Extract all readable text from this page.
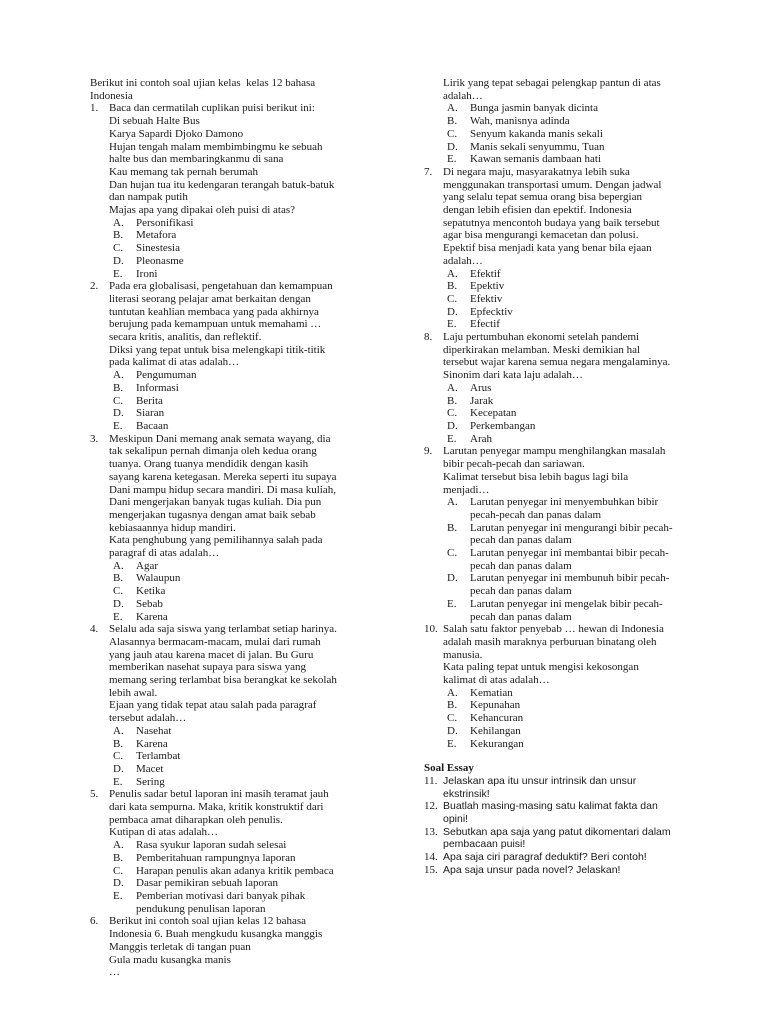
Berikut ini contoh soal ujian kelas  kelas 12 bahasa
Indonesia
1. Baca dan cermatilah cuplikan puisi berikut ini:
Di sebuah Halte Bus
Karya Sapardi Djoko Damono
Hujan tengah malam membimbingmu ke sebuah
halte bus dan membaringkanmu di sana
Kau memang tak pernah berumah
Dan hujan tua itu kedengaran terangah batuk-batuk
dan nampak putih
Majas apa yang dipakai oleh puisi di atas?
A. Personifikasi
B. Metafora
C. Sinestesia
D. Pleonasme
E. Ironi
2. Pada era globalisasi, pengetahuan dan kemampuan
literasi seorang pelajar amat berkaitan dengan
tuntutan keahlian membaca yang pada akhirnya
berujung pada kemampuan untuk memahami …
secara kritis, analitis, dan reflektif.
Diksi yang tepat untuk bisa melengkapi titik-titik
pada kalimat di atas adalah…
A. Pengumuman
B. Informasi
C. Berita
D. Siaran
E. Bacaan
3. Meskipun Dani memang anak semata wayang, dia
tak sekalipun pernah dimanja oleh kedua orang
tuanya. Orang tuanya mendidik dengan kasih
sayang karena ketegasan. Mereka seperti itu supaya
Dani mampu hidup secara mandiri. Di masa kuliah,
Dani mengerjakan banyak tugas kuliah. Dia pun
mengerjakan tugasnya dengan amat baik sebab
kebiasaannya hidup mandiri.
Kata penghubung yang pemilihannya salah pada
paragraf di atas adalah…
A. Agar
B. Walaupun
C. Ketika
D. Sebab
E. Karena
4. Selalu ada saja siswa yang terlambat setiap harinya.
Alasannya bermacam-macam, mulai dari rumah
yang jauh atau karena macet di jalan. Bu Guru
memberikan nasehat supaya para siswa yang
memang sering terlambat bisa berangkat ke sekolah
lebih awal.
Ejaan yang tidak tepat atau salah pada paragraf
tersebut adalah…
A. Nasehat
B. Karena
C. Terlambat
D. Macet
E. Sering
5. Penulis sadar betul laporan ini masih teramat jauh
dari kata sempurna. Maka, kritik konstruktif dari
pembaca amat diharapkan oleh penulis.
Kutipan di atas adalah…
A. Rasa syukur laporan sudah selesai
B. Pemberitahuan rampungnya laporan
C. Harapan penulis akan adanya kritik pembaca
D. Dasar pemikiran sebuah laporan
E. Pemberian motivasi dari banyak pihak
pendukung penulisan laporan
6. Berikut ini contoh soal ujian kelas 12 bahasa
Indonesia 6. Buah mengkudu kusangka manggis
Manggis terletak di tangan puan
Gula madu kusangka manis
…
Lirik yang tepat sebagai pelengkap pantun di atas
adalah…
A. Bunga jasmin banyak dicinta
B. Wah, manisnya adinda
C. Senyum kakanda manis sekali
D. Manis sekali senyummu, Tuan
E. Kawan semanis dambaan hati
7. Di negara maju, masyarakatnya lebih suka
menggunakan transportasi umum. Dengan jadwal
yang selalu tepat semua orang bisa bepergian
dengan lebih efisien dan epektif. Indonesia
sepatutnya mencontoh budaya yang baik tersebut
agar bisa mengurangi kemacetan dan polusi.
Epektif bisa menjadi kata yang benar bila ejaan
adalah…
A. Efektif
B. Epektiv
C. Efektiv
D. Epfecktiv
E. Efectif
8. Laju pertumbuhan ekonomi setelah pandemi
diperkirakan melamban. Meski demikian hal
tersebut wajar karena semua negara mengalaminya.
Sinonim dari kata laju adalah…
A. Arus
B. Jarak
C. Kecepatan
D. Perkembangan
E. Arah
9. Larutan penyegar mampu menghilangkan masalah
bibir pecah-pecah dan sariawan.
Kalimat tersebut bisa lebih bagus lagi bila
menjadi…
A. Larutan penyegar ini menyembuhkan bibir
pecah-pecah dan panas dalam
B. Larutan penyegar ini mengurangi bibir pecah-
pecah dan panas dalam
C. Larutan penyegar ini membantai bibir pecah-
pecah dan panas dalam
D. Larutan penyegar ini membunuh bibir pecah-
pecah dan panas dalam
E. Larutan penyegar ini mengelak bibir pecah-
pecah dan panas dalam
10. Salah satu faktor penyebab … hewan di Indonesia
adalah masih maraknya perburuan binatang oleh
manusia.
Kata paling tepat untuk mengisi kekosongan
kalimat di atas adalah…
A. Kematian
B. Kepunahan
C. Kehancuran
D. Kehilangan
E. Kekurangan
Soal Essay
11. Jelaskan apa itu unsur intrinsik dan unsur
ekstrinsik!
12. Buatlah masing-masing satu kalimat fakta dan
opini!
13. Sebutkan apa saja yang patut dikomentari dalam
pembacaan puisi!
14. Apa saja ciri paragraf deduktif? Beri contoh!
15. Apa saja unsur pada novel? Jelaskan!
